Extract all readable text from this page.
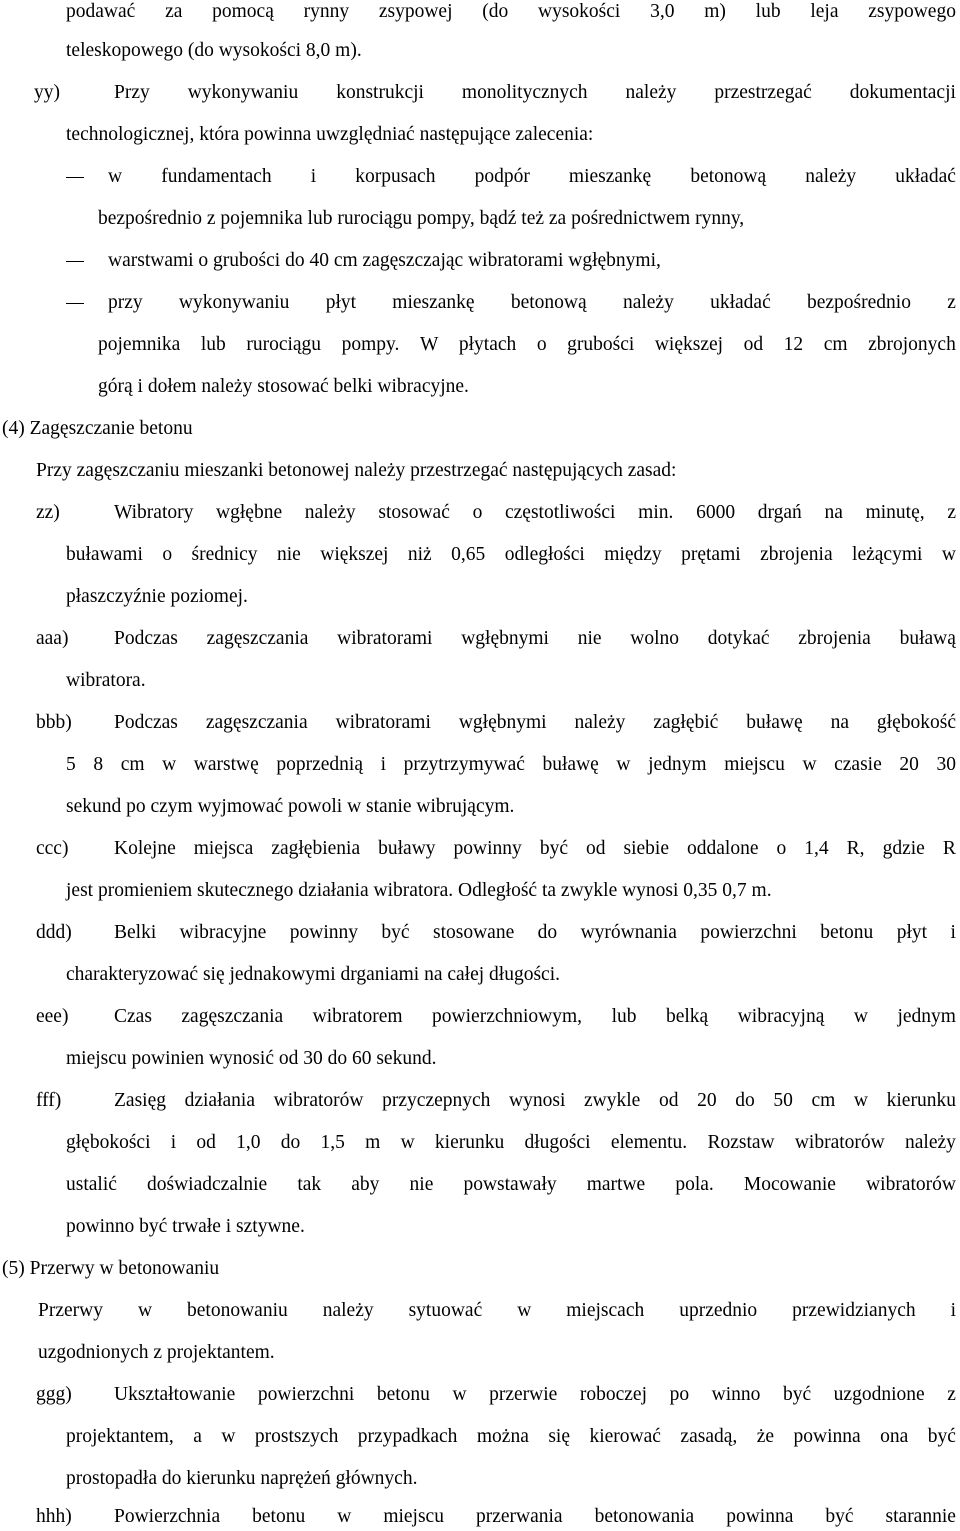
podawać za pomocą rynny zsypowej (do wysokości 3,0 m) lub leja zsypowego
teleskopowego (do wysokości 8,0 m).
yy)	Przy wykonywaniu konstrukcji monolitycznych należy przestrzegać dokumentacji
technologicznej, która powinna uwzględniać następujące zalecenia:
w fundamentach i korpusach podpór mieszankę betonową należy układać
bezpośrednio z pojemnika lub rurociągu pompy, bądź też za pośrednictwem rynny,
warstwami o grubości do 40 cm zagęszczając wibratorami wgłębnymi,
przy wykonywaniu płyt mieszankę betonową należy układać bezpośrednio z
pojemnika lub rurociągu pompy. W płytach o grubości większej od 12 cm zbrojonych
górą i dołem należy stosować belki wibracyjne.
(4) Zagęszczanie betonu
Przy zagęszczaniu mieszanki betonowej należy przestrzegać następujących zasad:
zz)	Wibratory wgłębne należy stosować o częstotliwości min. 6000 drgań na minutę, z
buławami o średnicy nie większej niż 0,65 odległości między prętami zbrojenia leżącymi w
płaszczyźnie poziomej.
aaa) Podczas zagęszczania wibratorami wgłębnymi nie wolno dotykać zbrojenia buławą
wibratora.
bbb) Podczas zagęszczania wibratorami wgłębnymi należy zagłębić buławę na głębokość
5 8 cm w warstwę poprzednią i przytrzymywać buławę w jednym miejscu w czasie 20 30
sekund po czym wyjmować powoli w stanie wibrującym.
ccc) Kolejne miejsca zagłębienia buławy powinny być od siebie oddalone o 1,4 R, gdzie R
jest promieniem skutecznego działania wibratora. Odległość ta zwykle wynosi 0,35 0,7 m.
ddd) Belki wibracyjne powinny być stosowane do wyrównania powierzchni betonu płyt i
charakteryzować się jednakowymi drganiami na całej długości.
eee) Czas zagęszczania wibratorem powierzchniowym, lub belką wibracyjną w jednym
miejscu powinien wynosić od 30 do 60 sekund.
fff)	Zasięg działania wibratorów przyczepnych wynosi zwykle od 20 do 50 cm w kierunku
głębokości i od 1,0 do 1,5 m w kierunku długości elementu. Rozstaw wibratorów należy
ustalić doświadczalnie tak aby nie powstawały martwe pola. Mocowanie wibratorów
powinno być trwałe i sztywne.
(5) Przerwy w betonowaniu
Przerwy w betonowaniu należy sytuować w miejscach uprzednio przewidzianych i
uzgodnionych z projektantem.
ggg) Ukształtowanie powierzchni betonu w przerwie roboczej po winno być uzgodnione z
projektantem, a w prostszych przypadkach można się kierować zasadą, że powinna ona być
prostopadła do kierunku naprężeń głównych.
hhh) Powierzchnia betonu w miejscu przerwania betonowania powinna być starannie
